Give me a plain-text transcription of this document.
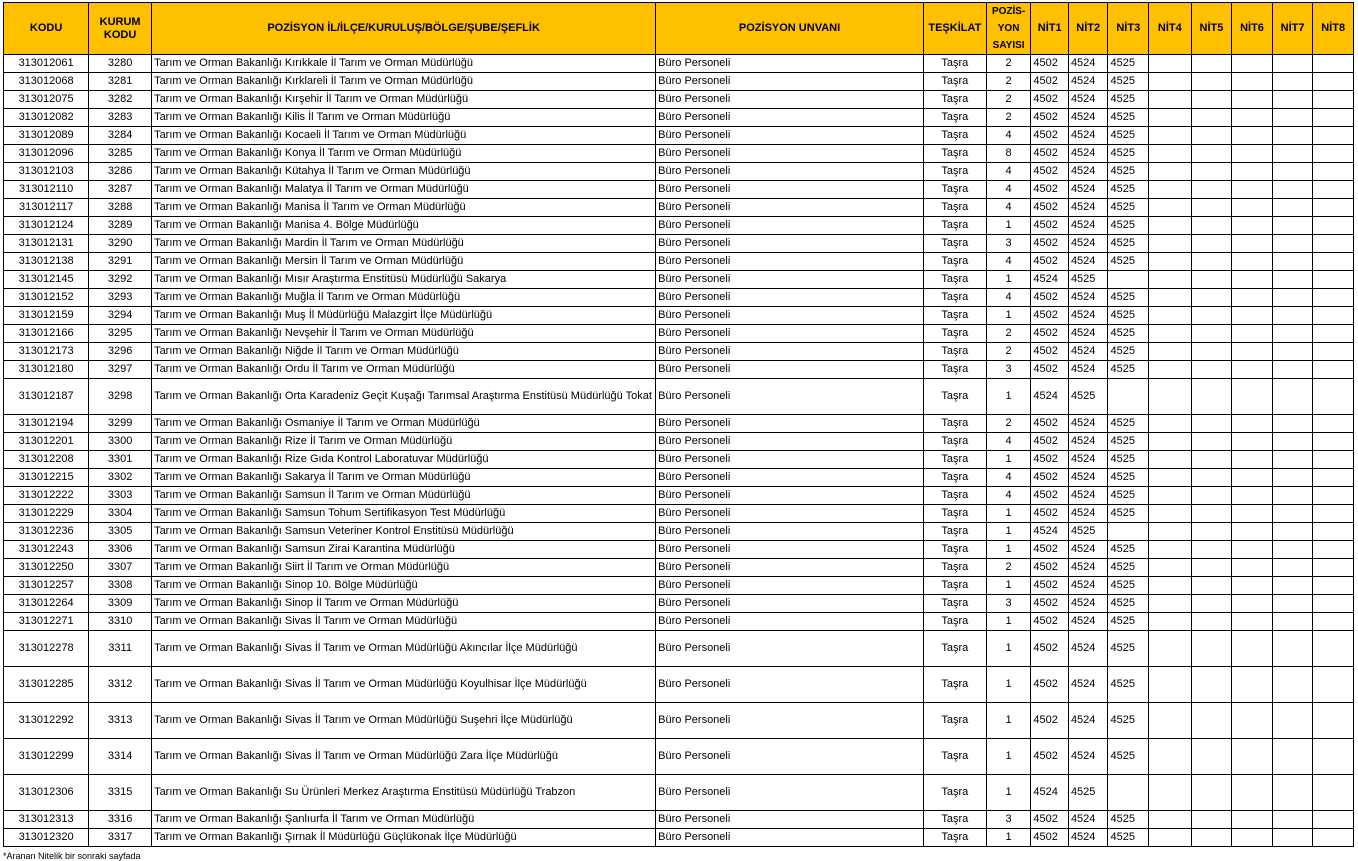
KODU	KURUM KODU	POZİSYON İL/İLÇE/KURULUŞ/BÖLGE/ŞUBE/ŞEFLİK	POZİSYON UNVANI	TEŞKİLAT	POZİS-YON SAYISI	NİT1	NİT2	NİT3	NİT4	NİT5	NİT6	NİT7	NİT8
313012061	3280	Tarım ve Orman Bakanlığı Kırıkkale İl Tarım ve Orman Müdürlüğü	Büro Personeli	Taşra	2	4502	4524	4525					
313012068	3281	Tarım ve Orman Bakanlığı Kırklareli İl Tarım ve Orman Müdürlüğü	Büro Personeli	Taşra	2	4502	4524	4525					
313012075	3282	Tarım ve Orman Bakanlığı Kırşehir İl Tarım ve Orman Müdürlüğü	Büro Personeli	Taşra	2	4502	4524	4525					
313012082	3283	Tarım ve Orman Bakanlığı Kilis İl Tarım ve Orman Müdürlüğü	Büro Personeli	Taşra	2	4502	4524	4525					
313012089	3284	Tarım ve Orman Bakanlığı Kocaeli İl Tarım ve Orman Müdürlüğü	Büro Personeli	Taşra	4	4502	4524	4525					
313012096	3285	Tarım ve Orman Bakanlığı Konya İl Tarım ve Orman Müdürlüğü	Büro Personeli	Taşra	8	4502	4524	4525					
313012103	3286	Tarım ve Orman Bakanlığı Kütahya İl Tarım ve Orman Müdürlüğü	Büro Personeli	Taşra	4	4502	4524	4525					
313012110	3287	Tarım ve Orman Bakanlığı Malatya İl Tarım ve Orman Müdürlüğü	Büro Personeli	Taşra	4	4502	4524	4525					
313012117	3288	Tarım ve Orman Bakanlığı Manisa İl Tarım ve Orman Müdürlüğü	Büro Personeli	Taşra	4	4502	4524	4525					
313012124	3289	Tarım ve Orman Bakanlığı Manisa 4. Bölge Müdürlüğü	Büro Personeli	Taşra	1	4502	4524	4525					
313012131	3290	Tarım ve Orman Bakanlığı Mardin İl Tarım ve Orman Müdürlüğü	Büro Personeli	Taşra	3	4502	4524	4525					
313012138	3291	Tarım ve Orman Bakanlığı Mersin İl Tarım ve Orman Müdürlüğü	Büro Personeli	Taşra	4	4502	4524	4525					
313012145	3292	Tarım ve Orman Bakanlığı Mısır Araştırma Enstitüsü Müdürlüğü Sakarya	Büro Personeli	Taşra	1	4524	4525						
313012152	3293	Tarım ve Orman Bakanlığı Muğla İl Tarım ve Orman Müdürlüğü	Büro Personeli	Taşra	4	4502	4524	4525					
313012159	3294	Tarım ve Orman Bakanlığı Muş İl Müdürlüğü Malazgirt İlçe Müdürlüğü	Büro Personeli	Taşra	1	4502	4524	4525					
313012166	3295	Tarım ve Orman Bakanlığı Nevşehir İl Tarım ve Orman Müdürlüğü	Büro Personeli	Taşra	2	4502	4524	4525					
313012173	3296	Tarım ve Orman Bakanlığı Niğde İl Tarım ve Orman Müdürlüğü	Büro Personeli	Taşra	2	4502	4524	4525					
313012180	3297	Tarım ve Orman Bakanlığı Ordu İl Tarım ve Orman Müdürlüğü	Büro Personeli	Taşra	3	4502	4524	4525					
313012187	3298	Tarım ve Orman Bakanlığı Orta Karadeniz Geçit Kuşağı Tarımsal Araştırma Enstitüsü Müdürlüğü Tokat	Büro Personeli	Taşra	1	4524	4525						
313012194	3299	Tarım ve Orman Bakanlığı Osmaniye İl Tarım ve Orman Müdürlüğü	Büro Personeli	Taşra	2	4502	4524	4525					
313012201	3300	Tarım ve Orman Bakanlığı Rize İl Tarım ve Orman Müdürlüğü	Büro Personeli	Taşra	4	4502	4524	4525					
313012208	3301	Tarım ve Orman Bakanlığı Rize Gıda Kontrol Laboratuvar Müdürlüğü	Büro Personeli	Taşra	1	4502	4524	4525					
313012215	3302	Tarım ve Orman Bakanlığı Sakarya İl Tarım ve Orman Müdürlüğü	Büro Personeli	Taşra	4	4502	4524	4525					
313012222	3303	Tarım ve Orman Bakanlığı Samsun İl Tarım ve Orman Müdürlüğü	Büro Personeli	Taşra	4	4502	4524	4525					
313012229	3304	Tarım ve Orman Bakanlığı Samsun Tohum Sertifikasyon Test Müdürlüğü	Büro Personeli	Taşra	1	4502	4524	4525					
313012236	3305	Tarım ve Orman Bakanlığı Samsun Veteriner Kontrol Enstitüsü Müdürlüğü	Büro Personeli	Taşra	1	4524	4525						
313012243	3306	Tarım ve Orman Bakanlığı Samsun Zirai Karantina Müdürlüğü	Büro Personeli	Taşra	1	4502	4524	4525					
313012250	3307	Tarım ve Orman Bakanlığı Siirt İl Tarım ve Orman Müdürlüğü	Büro Personeli	Taşra	2	4502	4524	4525					
313012257	3308	Tarım ve Orman Bakanlığı Sinop 10. Bölge Müdürlüğü	Büro Personeli	Taşra	1	4502	4524	4525					
313012264	3309	Tarım ve Orman Bakanlığı Sinop İl Tarım ve Orman Müdürlüğü	Büro Personeli	Taşra	3	4502	4524	4525					
313012271	3310	Tarım ve Orman Bakanlığı Sivas İl Tarım ve Orman Müdürlüğü	Büro Personeli	Taşra	1	4502	4524	4525					
313012278	3311	Tarım ve Orman Bakanlığı Sivas İl Tarım ve Orman Müdürlüğü Akıncılar İlçe Müdürlüğü	Büro Personeli	Taşra	1	4502	4524	4525					
313012285	3312	Tarım ve Orman Bakanlığı Sivas İl Tarım ve Orman Müdürlüğü Koyulhisar İlçe Müdürlüğü	Büro Personeli	Taşra	1	4502	4524	4525					
313012292	3313	Tarım ve Orman Bakanlığı Sivas İl Tarım ve Orman Müdürlüğü Suşehri İlçe Müdürlüğü	Büro Personeli	Taşra	1	4502	4524	4525					
313012299	3314	Tarım ve Orman Bakanlığı Sivas İl Tarım ve Orman Müdürlüğü Zara İlçe Müdürlüğü	Büro Personeli	Taşra	1	4502	4524	4525					
313012306	3315	Tarım ve Orman Bakanlığı Su Ürünleri Merkez Araştırma Enstitüsü Müdürlüğü Trabzon	Büro Personeli	Taşra	1	4524	4525						
313012313	3316	Tarım ve Orman Bakanlığı Şanlıurfa İl Tarım ve Orman Müdürlüğü	Büro Personeli	Taşra	3	4502	4524	4525					
313012320	3317	Tarım ve Orman Bakanlığı Şırnak İl Müdürlüğü Güçlükonak İlçe Müdürlüğü	Büro Personeli	Taşra	1	4502	4524	4525					
*Aranan Nitelik bir sonraki sayfada
